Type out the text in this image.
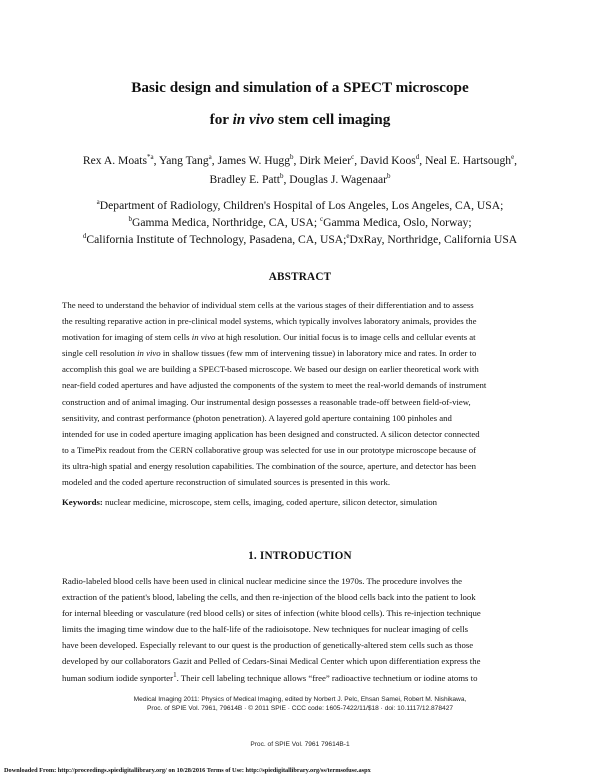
Basic design and simulation of a SPECT microscope
for in vivo stem cell imaging
Rex A. Moats$^{*a}$, Yang Tang$^a$, James W. Hugg$^b$, Dirk Meier$^c$, David Koos$^d$, Neal E. Hartsough$^e$,
Bradley E. Patt$^b$, Douglas J. Wagenaar$^b$
$^a$Department of Radiology, Children's Hospital of Los Angeles, Los Angeles, CA, USA;
$^b$Gamma Medica, Northridge, CA, USA; $^c$Gamma Medica, Oslo, Norway;
$^d$California Institute of Technology, Pasadena, CA, USA;$^e$DxRay, Northridge, California USA
ABSTRACT
The need to understand the behavior of individual stem cells at the various stages of their differentiation and to assess
the resulting reparative action in pre-clinical model systems, which typically involves laboratory animals, provides the
motivation for imaging of stem cells in vivo at high resolution. Our initial focus is to image cells and cellular events at
single cell resolution in vivo in shallow tissues (few mm of intervening tissue) in laboratory mice and rates. In order to
accomplish this goal we are building a SPECT-based microscope. We based our design on earlier theoretical work with
near-field coded apertures and have adjusted the components of the system to meet the real-world demands of instrument
construction and of animal imaging. Our instrumental design possesses a reasonable trade-off between field-of-view,
sensitivity, and contrast performance (photon penetration). A layered gold aperture containing 100 pinholes and
intended for use in coded aperture imaging application has been designed and constructed. A silicon detector connected
to a TimePix readout from the CERN collaborative group was selected for use in our prototype microscope because of
its ultra-high spatial and energy resolution capabilities. The combination of the source, aperture, and detector has been
modeled and the coded aperture reconstruction of simulated sources is presented in this work.
Keywords: nuclear medicine, microscope, stem cells, imaging, coded aperture, silicon detector, simulation
1. INTRODUCTION
Radio-labeled blood cells have been used in clinical nuclear medicine since the 1970s. The procedure involves the
extraction of the patient's blood, labeling the cells, and then re-injection of the blood cells back into the patient to look
for internal bleeding or vasculature (red blood cells) or sites of infection (white blood cells). This re-injection technique
limits the imaging time window due to the half-life of the radioisotope. New techniques for nuclear imaging of cells
have been developed. Especially relevant to our quest is the production of genetically-altered stem cells such as those
developed by our collaborators Gazit and Pelled of Cedars-Sinai Medical Center which upon differentiation express the
human sodium iodide synporter$^1$. Their cell labeling technique allows “free” radioactive technetium or iodine atoms to
Medical Imaging 2011: Physics of Medical Imaging, edited by Norbert J. Pelc, Ehsan Samei, Robert M. Nishikawa,
Proc. of SPIE Vol. 7961, 79614B · © 2011 SPIE · CCC code: 1605-7422/11/$18 · doi: 10.1117/12.878427
Proc. of SPIE Vol. 7961 79614B-1
Downloaded From: http://proceedings.spiedigitallibrary.org/ on 10/28/2016 Terms of Use: http://spiedigitallibrary.org/ss/termsofuse.aspx
